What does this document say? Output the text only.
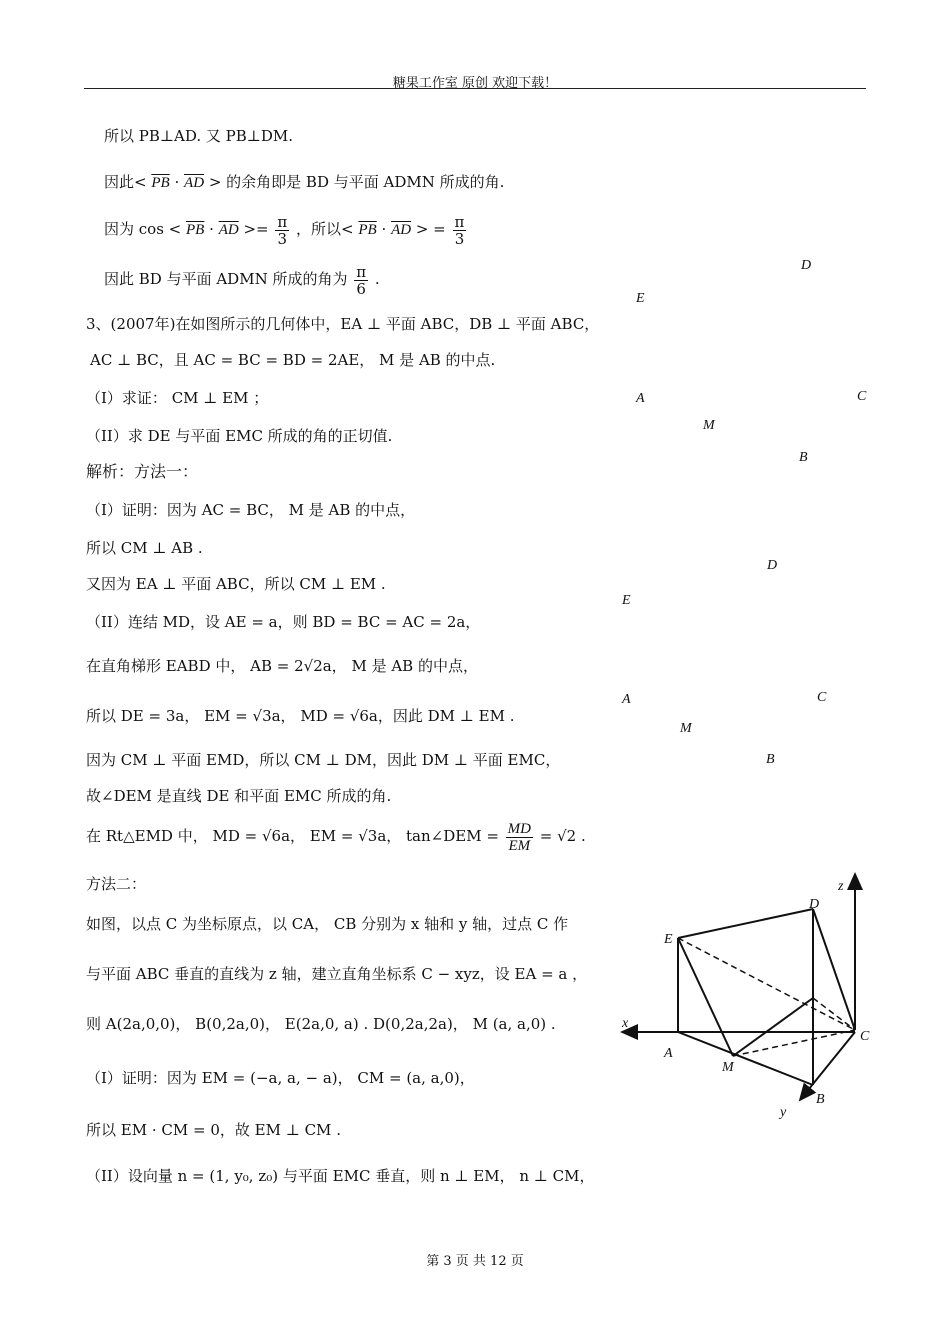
糖果工作室 原创 欢迎下载！
所以 PB⊥AD. 又 PB⊥DM.
因此< $\overline{PB} \cdot \overline{AD}$ > 的余角即是 BD 与平面 ADMN 所成的角.
因为 $\cos < \overline{PB} \cdot \overline{AD} >= \frac{\pi}{3}$ ，所以< $\overline{PB} \cdot \overline{AD}$ > = $\frac{\pi}{3}$
因此 BD 与平面 ADMN 所成的角为 $\frac{\pi}{6}$ .
3、(2007年)在如图所示的几何体中，EA ⊥ 平面 ABC，DB ⊥ 平面 ABC，
AC ⊥ BC，且 AC = BC = BD = 2AE， M 是 AB 的中点.
（I）求证： CM ⊥ EM ；
（II）求 DE 与平面 EMC 所成的角的正切值.
解析：方法一：
（I）证明：因为 AC = BC， M 是 AB 的中点，
所以 CM ⊥ AB .
又因为 EA ⊥ 平面 ABC，所以 CM ⊥ EM .
（II）连结 MD，设 AE = a，则 BD = BC = AC = 2a，
在直角梯形 EABD 中， AB = 2√2a， M 是 AB 的中点，
所以 DE = 3a， EM = √3a， MD = √6a，因此 DM ⊥ EM .
因为 CM ⊥ 平面 EMD，所以 CM ⊥ DM，因此 DM ⊥ 平面 EMC，
故∠DEM 是直线 DE 和平面 EMC 所成的角.
在 Rt△EMD 中， MD = √6a， EM = √3a， tan∠DEM = $\frac{MD}{EM} = √2$ .
方法二：
如图，以点 C 为坐标原点，以 CA， CB 分别为 x 轴和 y 轴，过点 C 作
与平面 ABC 垂直的直线为 z 轴，建立直角坐标系 C − xyz，设 EA = a ，
则 A(2a,0,0)， B(0,2a,0)， E(2a,0, a) . D(0,2a,2a)， M (a, a,0) .
（I）证明：因为 EM = (−a, a, − a)， CM = (a, a,0)，
所以 EM · CM = 0，故 EM ⊥ CM .
（II）设向量 n = (1, y₀, z₀) 与平面 EMC 垂直，则 n ⊥ EM， n ⊥ CM，
D
E
A	C
M
B
D
E
A	C
M
B
z
D
E
x
C
A
M
B
y
第 3 页 共 12 页
